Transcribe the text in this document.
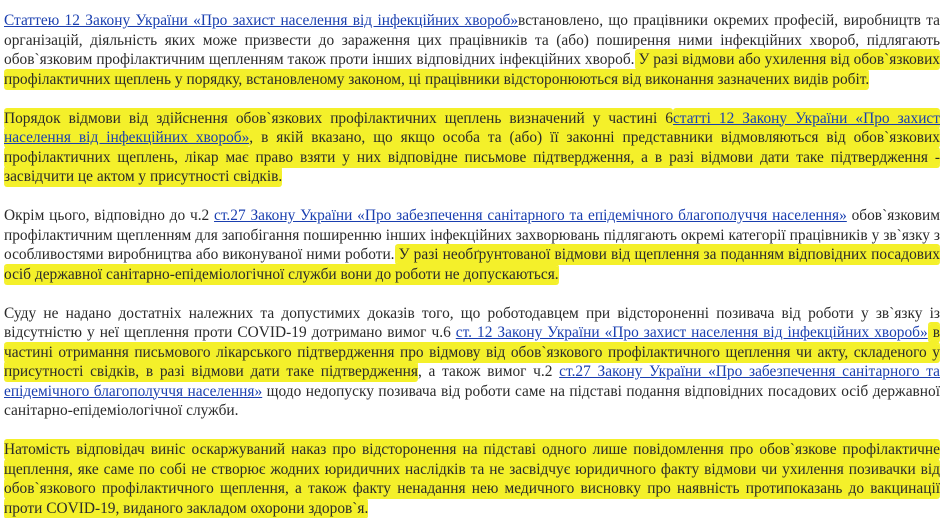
Статтею 12 Закону України «Про захист населення від інфекційних хвороб»встановлено, що працівники окремих професій, виробництв та організацій, діяльність яких може призвести до зараження цих працівників та (або) поширення ними інфекційних хвороб, підлягають обов`язковим профілактичним щепленням також проти інших відповідних інфекційних хвороб. У разі відмови або ухилення від обов`язкових профілактичних щеплень у порядку, встановленому законом, ці працівники відсторонюються від виконання зазначених видів робіт.

Порядок відмови від здійснення обов`язкових профілактичних щеплень визначений у частині 6статті 12 Закону України «Про захист населення від інфекційних хвороб», в якій вказано, що якщо особа та (або) її законні представники відмовляються від обов`язкових профілактичних щеплень, лікар має право взяти у них відповідне письмове підтвердження, а в разі відмови дати таке підтвердження - засвідчити це актом у присутності свідків.

Окрім цього, відповідно до ч.2 ст.27 Закону України «Про забезпечення санітарного та епідемічного благополуччя населення» обов`язковим профілактичним щепленням для запобігання поширенню інших інфекційних захворювань підлягають окремі категорії працівників у зв`язку з особливостями виробництва або виконуваної ними роботи. У разі необґрунтованої відмови від щеплення за поданням відповідних посадових осіб державної санітарно-епідеміологічної служби вони до роботи не допускаються.

Суду не надано достатніх належних та допустимих доказів того, що роботодавцем при відстороненні позивача від роботи у зв`язку із відсутністю у неї щеплення проти COVID-19 дотримано вимог ч.6 ст. 12 Закону України «Про захист населення від інфекційних хвороб» в частині отримання письмового лікарського підтвердження про відмову від обов`язкового профілактичного щеплення чи акту, складеного у присутності свідків, в разі відмови дати таке підтвердження, а також вимог ч.2 ст.27 Закону України «Про забезпечення санітарного та епідемічного благополуччя населення» щодо недопуску позивача від роботи саме на підставі подання відповідних посадових осіб державної санітарно-епідеміологічної служби.

Натомість відповідач виніс оскаржуваний наказ про відсторонення на підставі одного лише повідомлення про обов`язкове профілактичне щеплення, яке саме по собі не створює жодних юридичних наслідків та не засвідчує юридичного факту відмови чи ухилення позивачки від обов`язкового профілактичного щеплення, а також факту ненадання нею медичного висновку про наявність протипоказань до вакцинації проти COVID-19, виданого закладом охорони здоров`я.
